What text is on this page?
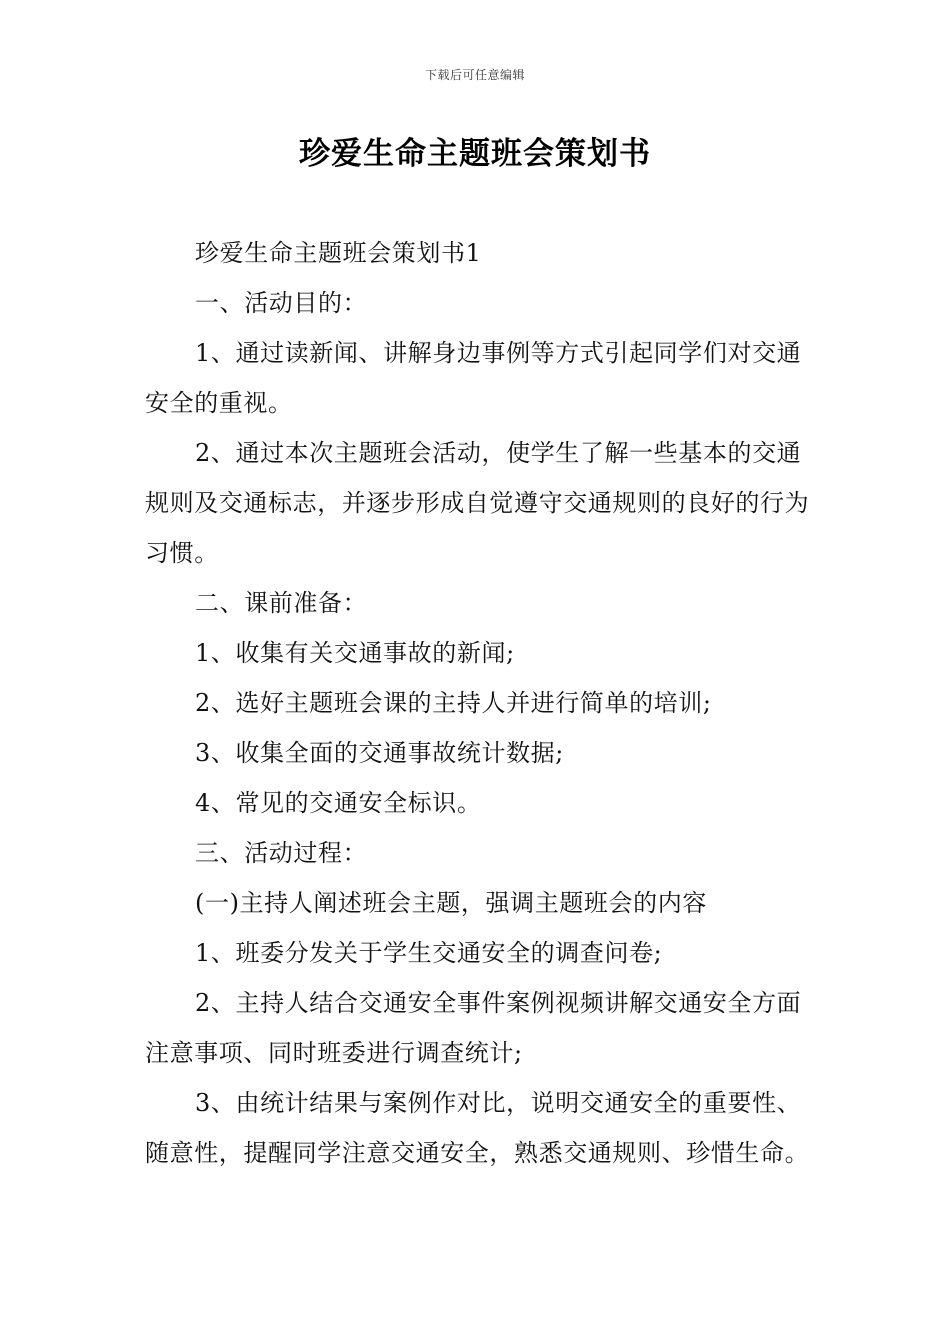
下载后可任意编辑
珍爱生命主题班会策划书

珍爱生命主题班会策划书1

一、活动目的：

1、通过读新闻、讲解身边事例等方式引起同学们对交通安全的重视。

2、通过本次主题班会活动，使学生了解一些基本的交通规则及交通标志，并逐步形成自觉遵守交通规则的良好的行为习惯。

二、课前准备：

1、收集有关交通事故的新闻;

2、选好主题班会课的主持人并进行简单的培训;

3、收集全面的交通事故统计数据;

4、常见的交通安全标识。

三、活动过程：

(一)主持人阐述班会主题，强调主题班会的内容

1、班委分发关于学生交通安全的调查问卷;

2、主持人结合交通安全事件案例视频讲解交通安全方面注意事项、同时班委进行调查统计;

3、由统计结果与案例作对比，说明交通安全的重要性、随意性，提醒同学注意交通安全，熟悉交通规则、珍惜生命。
